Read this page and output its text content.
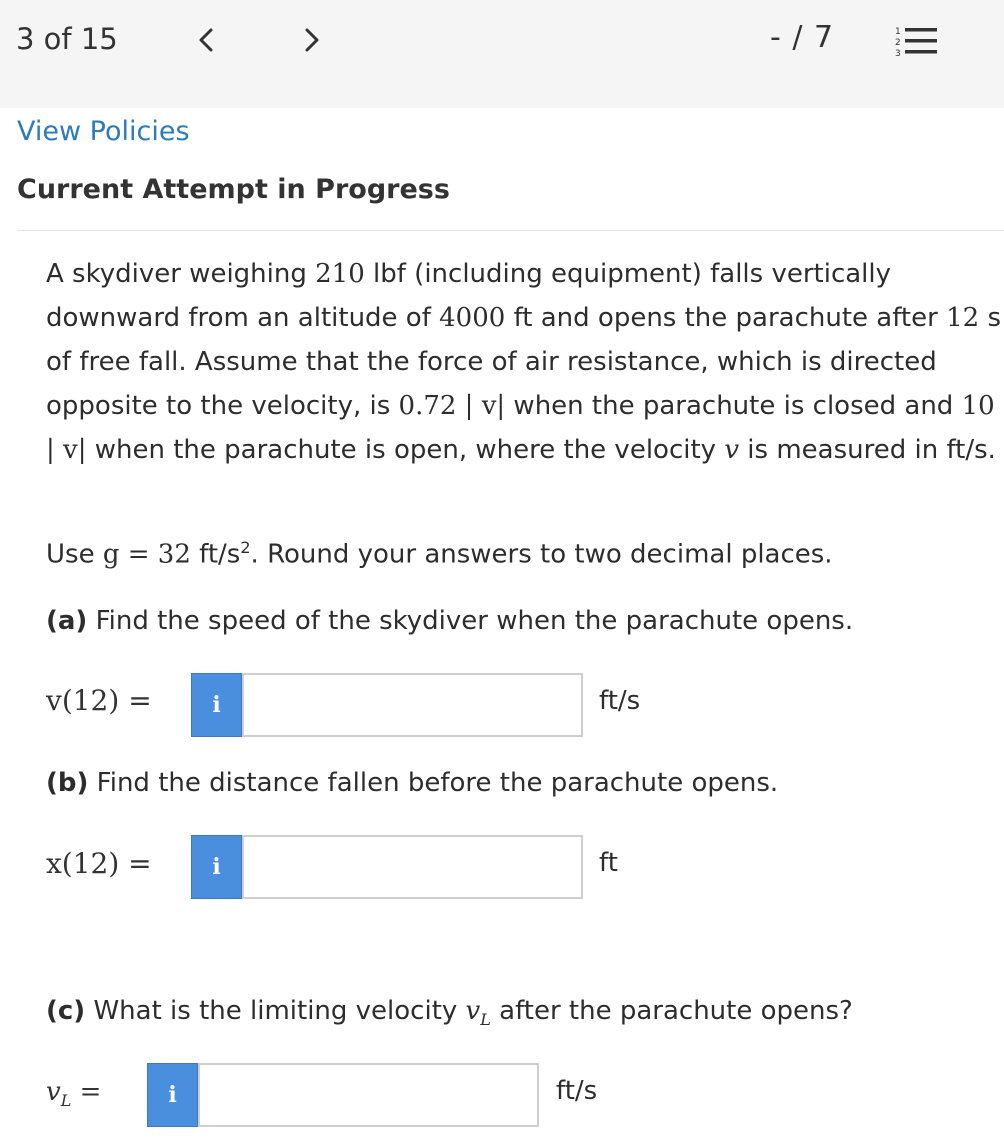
3 of 15	- / 7	1
2
3
View Policies
Current Attempt in Progress
A skydiver weighing 210 lbf (including equipment) falls vertically downward from an altitude of 4000 ft and opens the parachute after 12 s of free fall. Assume that the force of air resistance, which is directed opposite to the velocity, is 0.72 | v| when the parachute is closed and 10 | v| when the parachute is open, where the velocity v is measured in ft/s.
Use g = 32 $ft/s^2$. Round your answers to two decimal places.
(a) Find the speed of the skydiver when the parachute opens.
v(12) =	i	ft/s
(b) Find the distance fallen before the parachute opens.
x(12) =	i	ft
(c) What is the limiting velocity $v_L$ after the parachute opens?
$v_L$ =	i	ft/s
